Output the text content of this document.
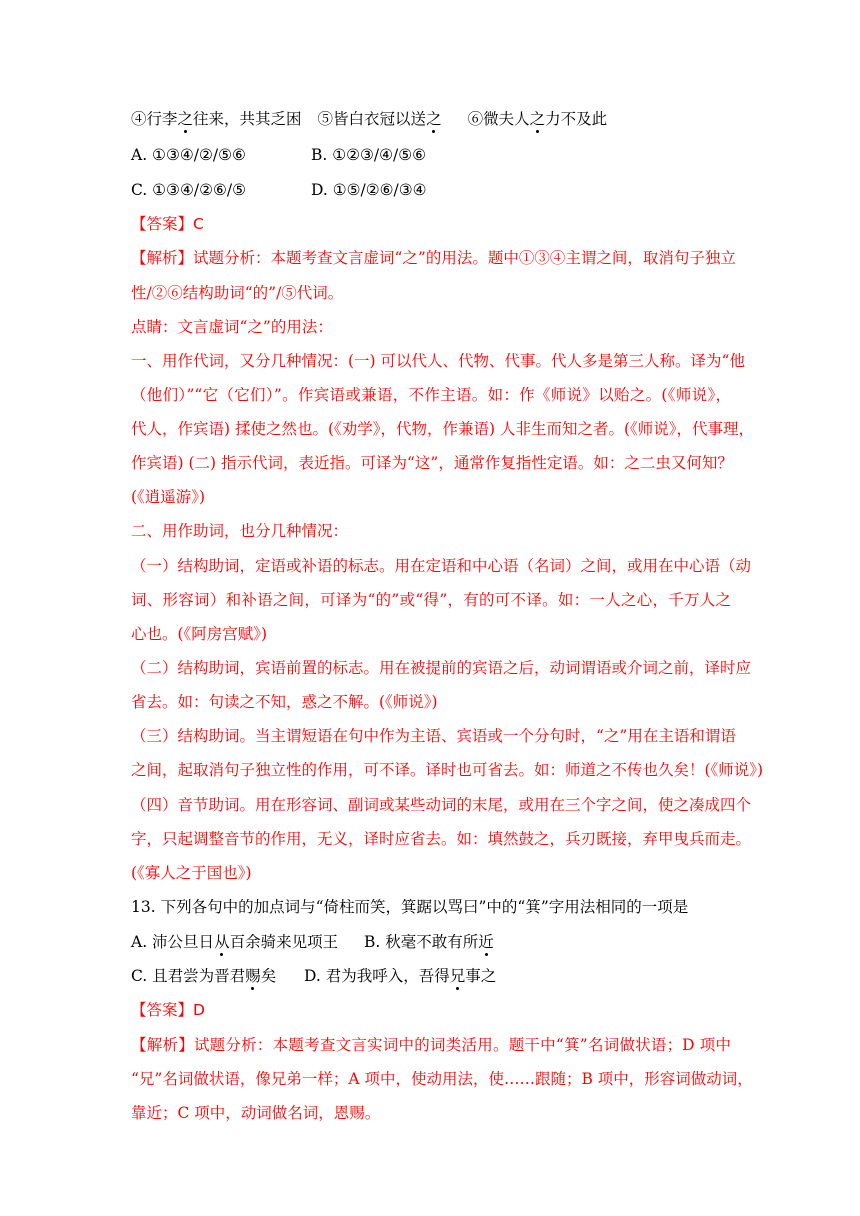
④行李之往来，共其乏困 ⑤皆白衣冠以送之 ⑥微夫人之力不及此
A. ①③④/②/⑤⑥	B. ①②③/④/⑤⑥
C. ①③④/②⑥/⑤	D. ①⑤/②⑥/③④
【答案】C
【解析】试题分析：本题考查文言虚词“之”的用法。题中①③④主谓之间，取消句子独立
性/②⑥结构助词“的”/⑤代词。
点睛：文言虚词“之”的用法：
一、用作代词，又分几种情况：(一) 可以代人、代物、代事。代人多是第三人称。译为“他
（他们）”“它（它们）”。作宾语或兼语，不作主语。如：作《师说》以贻之。(《师说》，
代人，作宾语) 揉使之然也。(《劝学》，代物，作兼语) 人非生而知之者。(《师说》，代事理，
作宾语) (二) 指示代词，表近指。可译为“这”，通常作复指性定语。如：之二虫又何知？
(《逍遥游》)
二、用作助词，也分几种情况：
（一）结构助词，定语或补语的标志。用在定语和中心语（名词）之间，或用在中心语（动
词、形容词）和补语之间，可译为“的”或“得”，有的可不译。如：一人之心，千万人之
心也。(《阿房宫赋》)
（二）结构助词，宾语前置的标志。用在被提前的宾语之后，动词谓语或介词之前，译时应
省去。如：句读之不知，惑之不解。(《师说》)
（三）结构助词。当主谓短语在句中作为主语、宾语或一个分句时，“之”用在主语和谓语
之间，起取消句子独立性的作用，可不译。译时也可省去。如：师道之不传也久矣！(《师说》)
（四）音节助词。用在形容词、副词或某些动词的末尾，或用在三个字之间，使之凑成四个
字，只起调整音节的作用，无义，译时应省去。如：填然鼓之，兵刃既接，弃甲曳兵而走。
(《寡人之于国也》)
13. 下列各句中的加点词与“倚柱而笑，箕踞以骂曰”中的“箕”字用法相同的一项是
A. 沛公旦日从百余骑来见项王 B. 秋毫不敢有所近
C. 且君尝为晋君赐矣 D. 君为我呼入，吾得兄事之
【答案】D
【解析】试题分析：本题考查文言实词中的词类活用。题干中“箕”名词做状语；D 项中
“兄”名词做状语，像兄弟一样；A 项中，使动用法，使……跟随；B 项中，形容词做动词，
靠近；C 项中，动词做名词，恩赐。
